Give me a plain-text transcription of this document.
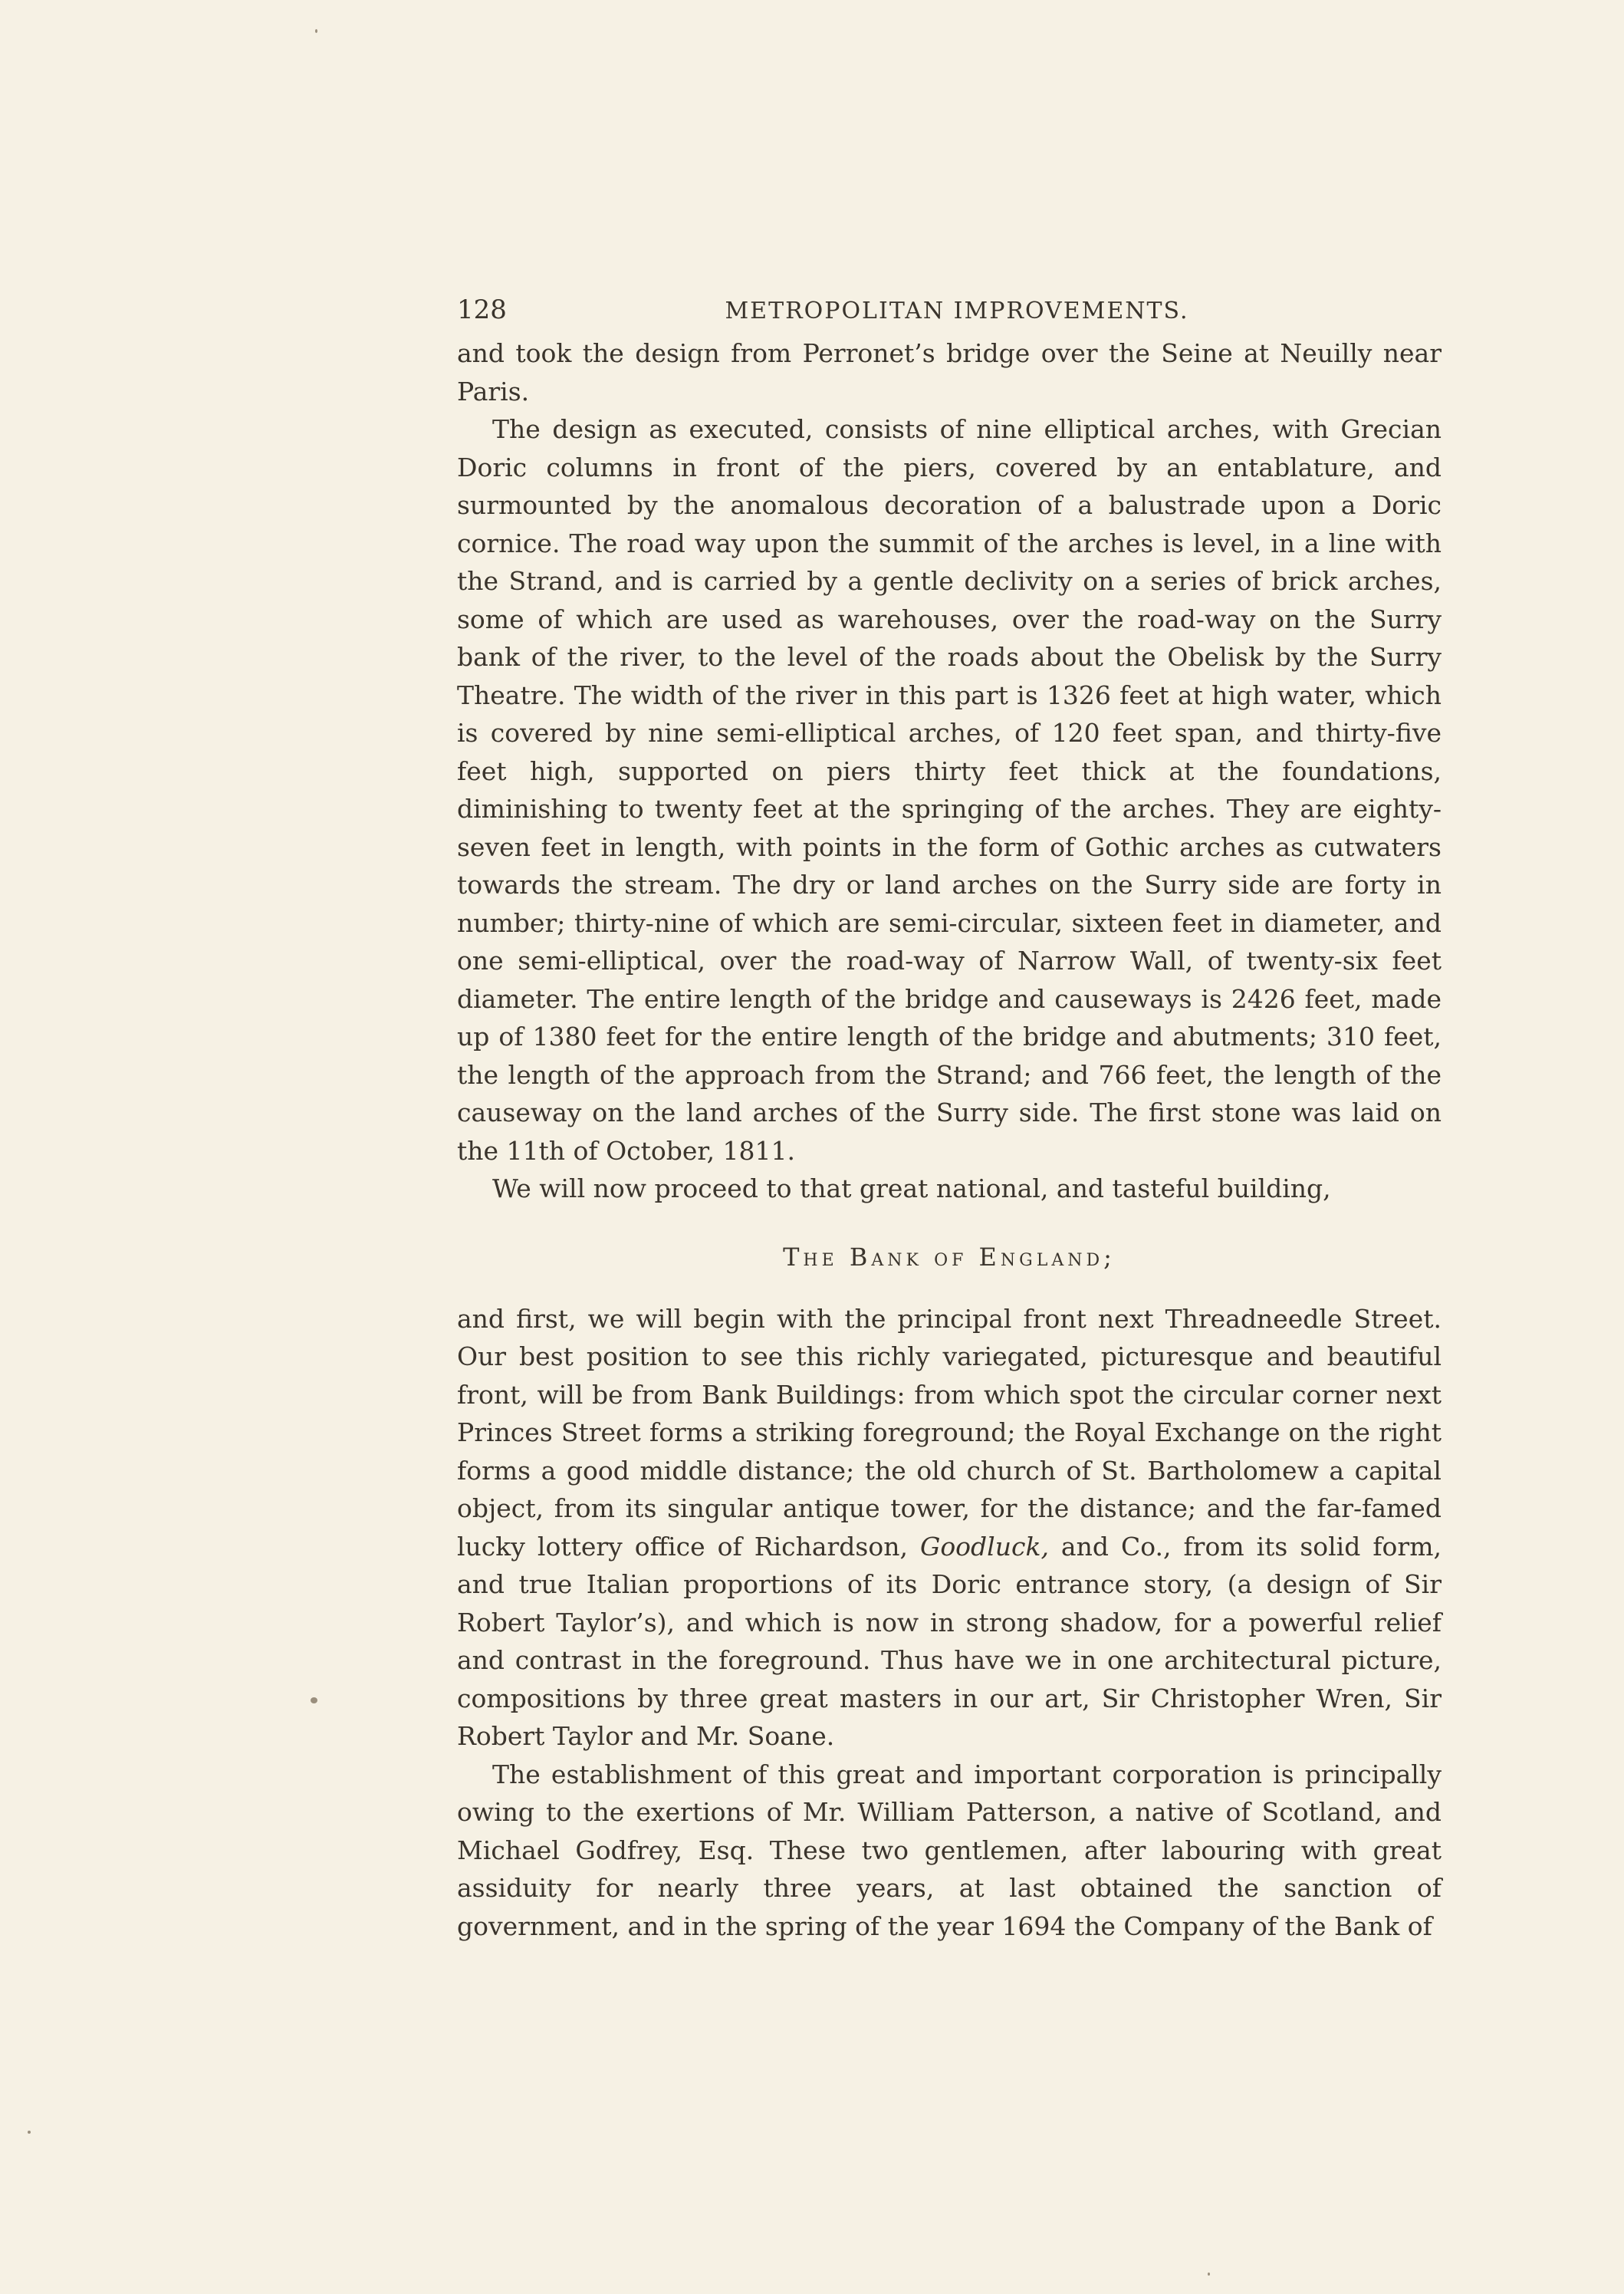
128	METROPOLITAN IMPROVEMENTS.

and took the design from Perronet’s bridge over the Seine at Neuilly near Paris.

The design as executed, consists of nine elliptical arches, with Grecian Doric columns in front of the piers, covered by an entablature, and surmounted by the anomalous decoration of a balustrade upon a Doric cornice. The road way upon the summit of the arches is level, in a line with the Strand, and is carried by a gentle declivity on a series of brick arches, some of which are used as warehouses, over the road-way on the Surry bank of the river, to the level of the roads about the Obelisk by the Surry Theatre. The width of the river in this part is 1326 feet at high water, which is covered by nine semi-elliptical arches, of 120 feet span, and thirty-five feet high, supported on piers thirty feet thick at the foundations, diminishing to twenty feet at the springing of the arches. They are eighty-seven feet in length, with points in the form of Gothic arches as cutwaters towards the stream. The dry or land arches on the Surry side are forty in number; thirty-nine of which are semi-circular, sixteen feet in diameter, and one semi-elliptical, over the road-way of Narrow Wall, of twenty-six feet diameter. The entire length of the bridge and causeways is 2426 feet, made up of 1380 feet for the entire length of the bridge and abutments; 310 feet, the length of the approach from the Strand; and 766 feet, the length of the causeway on the land arches of the Surry side. The first stone was laid on the 11th of October, 1811.

We will now proceed to that great national, and tasteful building,

The Bank of England;

and first, we will begin with the principal front next Threadneedle Street. Our best position to see this richly variegated, picturesque and beautiful front, will be from Bank Buildings: from which spot the circular corner next Princes Street forms a striking foreground; the Royal Exchange on the right forms a good middle distance; the old church of St. Bartholomew a capital object, from its singular antique tower, for the distance; and the far-famed lucky lottery office of Richardson, Goodluck, and Co., from its solid form, and true Italian proportions of its Doric entrance story, (a design of Sir Robert Taylor’s), and which is now in strong shadow, for a powerful relief and contrast in the foreground. Thus have we in one architectural picture, compositions by three great masters in our art, Sir Christopher Wren, Sir Robert Taylor and Mr. Soane.

The establishment of this great and important corporation is principally owing to the exertions of Mr. William Patterson, a native of Scotland, and Michael Godfrey, Esq. These two gentlemen, after labouring with great assiduity for nearly three years, at last obtained the sanction of government, and in the spring of the year 1694 the Company of the Bank of
